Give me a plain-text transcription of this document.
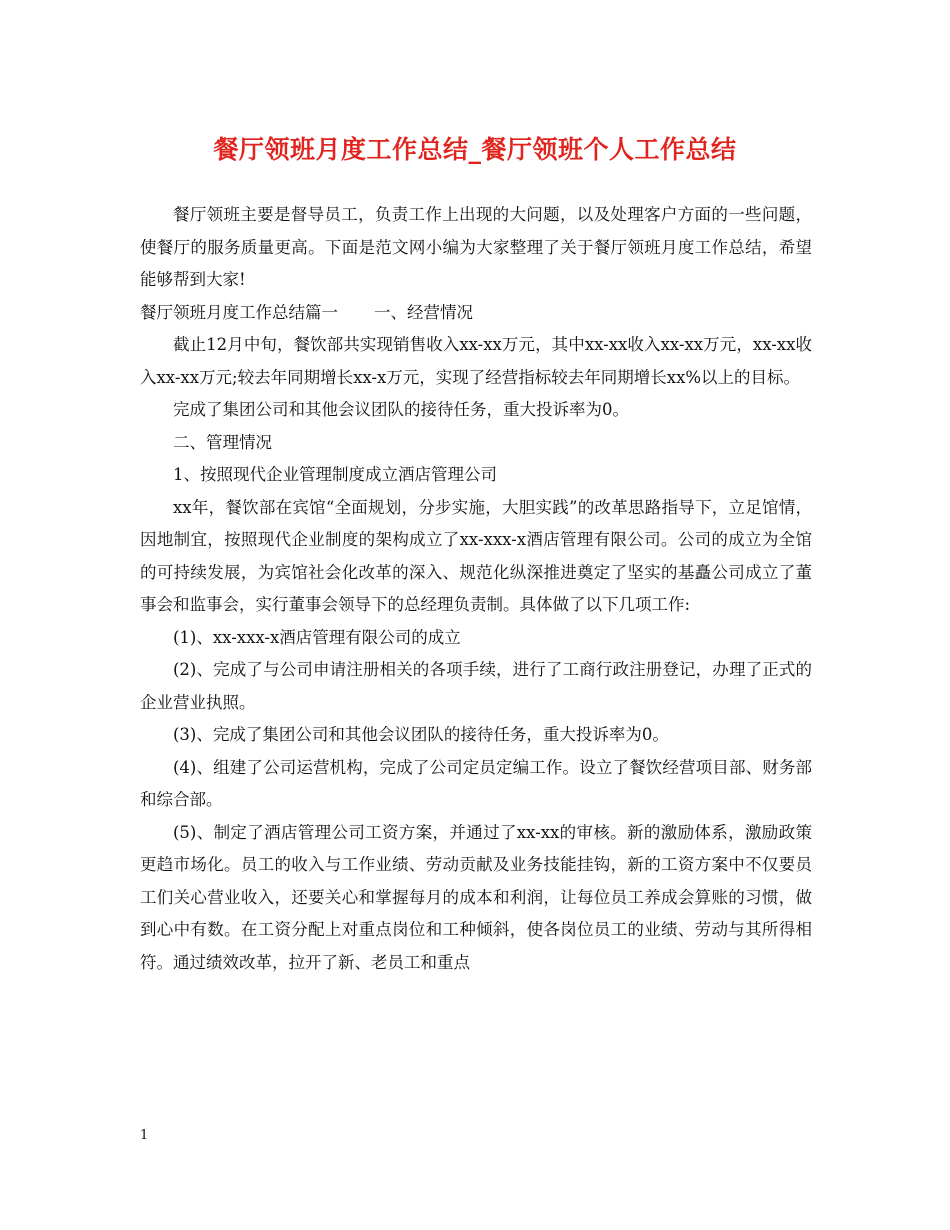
餐厅领班月度工作总结_餐厅领班个人工作总结

餐厅领班主要是督导员工，负责工作上出现的大问题，以及处理客户方面的一些问题，使餐厅的服务质量更高。下面是范文网小编为大家整理了关于餐厅领班月度工作总结，希望能够帮到大家!

餐厅领班月度工作总结篇一 一、经营情况

截止12月中旬，餐饮部共实现销售收入xx-xx万元，其中xx-xx收入xx-xx万元，xx-xx收入xx-xx万元;较去年同期增长xx-x万元，实现了经营指标较去年同期增长xx%以上的目标。

完成了集团公司和其他会议团队的接待任务，重大投诉率为0。

二、管理情况

1、按照现代企业管理制度成立酒店管理公司

xx年，餐饮部在宾馆“全面规划，分步实施，大胆实践”的改革思路指导下，立足馆情，因地制宜，按照现代企业制度的架构成立了xx-xxx-x酒店管理有限公司。公司的成立为全馆的可持续发展，为宾馆社会化改革的深入、规范化纵深推进奠定了坚实的基矗公司成立了董事会和监事会，实行董事会领导下的总经理负责制。具体做了以下几项工作:

(1)、xx-xxx-x酒店管理有限公司的成立

(2)、完成了与公司申请注册相关的各项手续，进行了工商行政注册登记，办理了正式的企业营业执照。

(3)、完成了集团公司和其他会议团队的接待任务，重大投诉率为0。

(4)、组建了公司运营机构，完成了公司定员定编工作。设立了餐饮经营项目部、财务部和综合部。

(5)、制定了酒店管理公司工资方案，并通过了xx-xx的审核。新的激励体系，激励政策更趋市场化。员工的收入与工作业绩、劳动贡献及业务技能挂钩，新的工资方案中不仅要员工们关心营业收入，还要关心和掌握每月的成本和利润，让每位员工养成会算账的习惯，做到心中有数。在工资分配上对重点岗位和工种倾斜，使各岗位员工的业绩、劳动与其所得相符。通过绩效改革，拉开了新、老员工和重点

1
